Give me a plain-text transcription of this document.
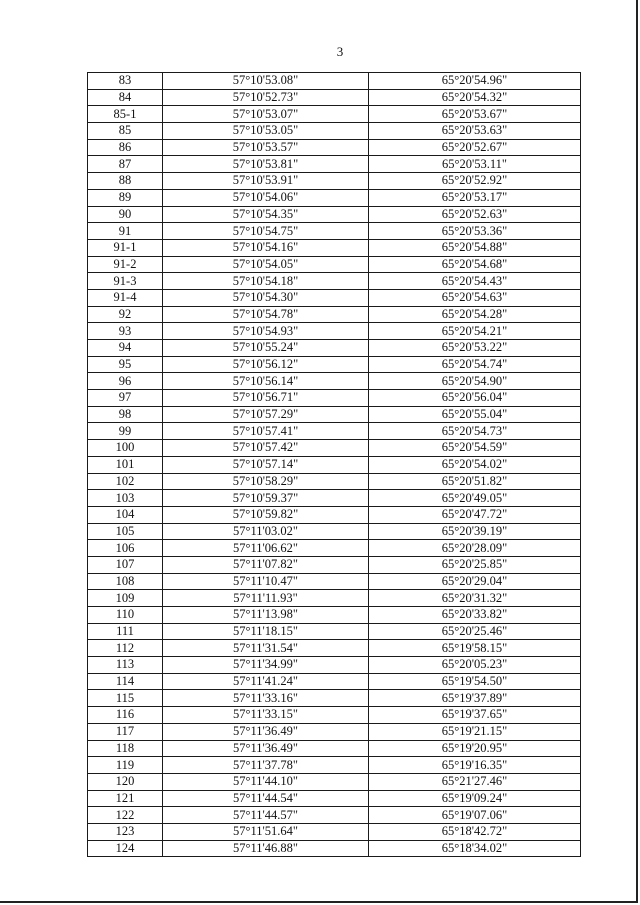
3
83	57°10'53.08"	65°20'54.96"
84	57°10'52.73"	65°20'54.32"
85-1	57°10'53.07"	65°20'53.67"
85	57°10'53.05"	65°20'53.63"
86	57°10'53.57"	65°20'52.67"
87	57°10'53.81"	65°20'53.11"
88	57°10'53.91"	65°20'52.92"
89	57°10'54.06"	65°20'53.17"
90	57°10'54.35"	65°20'52.63"
91	57°10'54.75"	65°20'53.36"
91-1	57°10'54.16"	65°20'54.88"
91-2	57°10'54.05"	65°20'54.68"
91-3	57°10'54.18"	65°20'54.43"
91-4	57°10'54.30"	65°20'54.63"
92	57°10'54.78"	65°20'54.28"
93	57°10'54.93"	65°20'54.21"
94	57°10'55.24"	65°20'53.22"
95	57°10'56.12"	65°20'54.74"
96	57°10'56.14"	65°20'54.90"
97	57°10'56.71"	65°20'56.04"
98	57°10'57.29"	65°20'55.04"
99	57°10'57.41"	65°20'54.73"
100	57°10'57.42"	65°20'54.59"
101	57°10'57.14"	65°20'54.02"
102	57°10'58.29"	65°20'51.82"
103	57°10'59.37"	65°20'49.05"
104	57°10'59.82"	65°20'47.72"
105	57°11'03.02"	65°20'39.19"
106	57°11'06.62"	65°20'28.09"
107	57°11'07.82"	65°20'25.85"
108	57°11'10.47"	65°20'29.04"
109	57°11'11.93"	65°20'31.32"
110	57°11'13.98"	65°20'33.82"
111	57°11'18.15"	65°20'25.46"
112	57°11'31.54"	65°19'58.15"
113	57°11'34.99"	65°20'05.23"
114	57°11'41.24"	65°19'54.50"
115	57°11'33.16"	65°19'37.89"
116	57°11'33.15"	65°19'37.65"
117	57°11'36.49"	65°19'21.15"
118	57°11'36.49"	65°19'20.95"
119	57°11'37.78"	65°19'16.35"
120	57°11'44.10"	65°21'27.46"
121	57°11'44.54"	65°19'09.24"
122	57°11'44.57"	65°19'07.06"
123	57°11'51.64"	65°18'42.72"
124	57°11'46.88"	65°18'34.02"
